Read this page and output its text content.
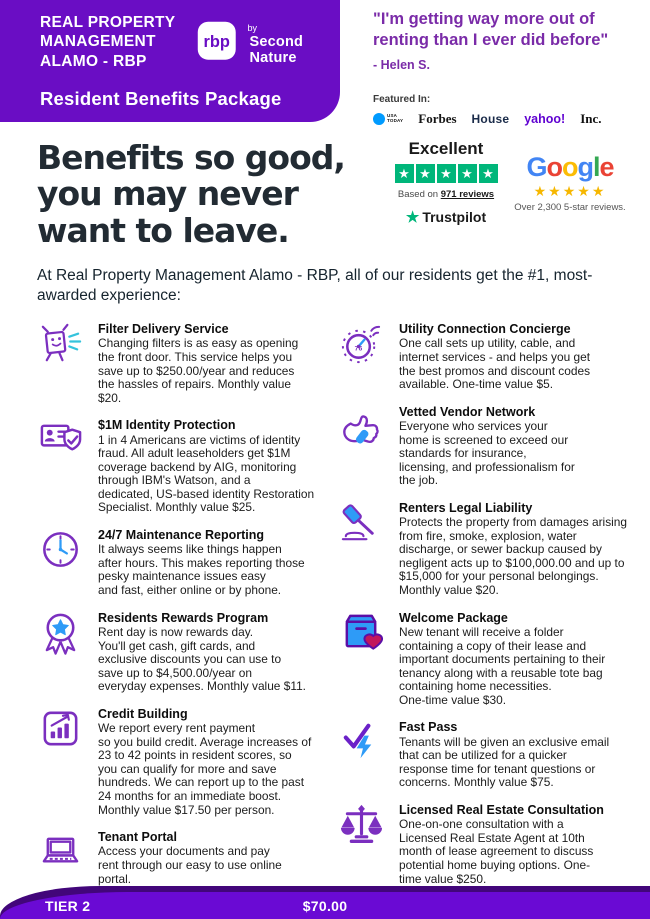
REAL PROPERTY
MANAGEMENT
ALAMO - RBP
rbp
by
Second Nature
Resident Benefits Package
"I'm getting way more out of renting than I ever did before"
- Helen S.
Featured In:
USA
TODAY Forbes House yahoo! Inc.
Excellent
★ ★ ★ ★ ★
Based on 971 reviews
★ Trustpilot
Google
★★★★★
Over 2,300 5-star reviews.
Benefits so good,
you may never
want to leave.

At Real Property Management Alamo - RBP, all of our residents get the #1, most-awarded experience:

Filter Delivery Service
Changing filters is as easy as opening
the front door. This service helps you
save up to $250.00/year and reduces
the hassles of repairs. Monthly value
$20.
$1M Identity Protection
1 in 4 Americans are victims of identity
fraud. All adult leaseholders get $1M
coverage backend by AIG, monitoring
through IBM's Watson, and a
dedicated, US-based identity Restoration
Specialist. Monthly value $25.
24/7 Maintenance Reporting
It always seems like things happen
after hours. This makes reporting those
pesky maintenance issues easy
and fast, either online or by phone.
Residents Rewards Program
Rent day is now rewards day.
You'll get cash, gift cards, and
exclusive discounts you can use to
save up to $4,500.00/year on
everyday expenses. Monthly value $11.
Credit Building
We report every rent payment
so you build credit. Average increases of
23 to 42 points in resident scores, so
you can qualify for more and save
hundreds. We can report up to the past
24 months for an immediate boost.
Monthly value $17.50 per person.
Tenant Portal
Access your documents and pay
rent through our easy to use online
portal.
76
Utility Connection Concierge
One call sets up utility, cable, and
internet services - and helps you get
the best promos and discount codes
available. One-time value $5.
Vetted Vendor Network
Everyone who services your
home is screened to exceed our
standards for insurance,
licensing, and professionalism for
the job.
Renters Legal Liability
Protects the property from damages arising
from fire, smoke, explosion, water
discharge, or sewer backup caused by
negligent acts up to $100,000.00 and up to
$15,000 for your personal belongings.
Monthly value $20.
Welcome Package
New tenant will receive a folder
containing a copy of their lease and
important documents pertaining to their
tenancy along with a reusable tote bag
containing home necessities.
One-time value $30.
Fast Pass
Tenants will be given an exclusive email
that can be utilized for a quicker
response time for tenant questions or
concerns. Monthly value $75.
Licensed Real Estate Consultation
One-on-one consultation with a
Licensed Real Estate Agent at 10th
month of lease agreement to discuss
potential home buying options. One-
time value $250.
TIER 2	$70.00
